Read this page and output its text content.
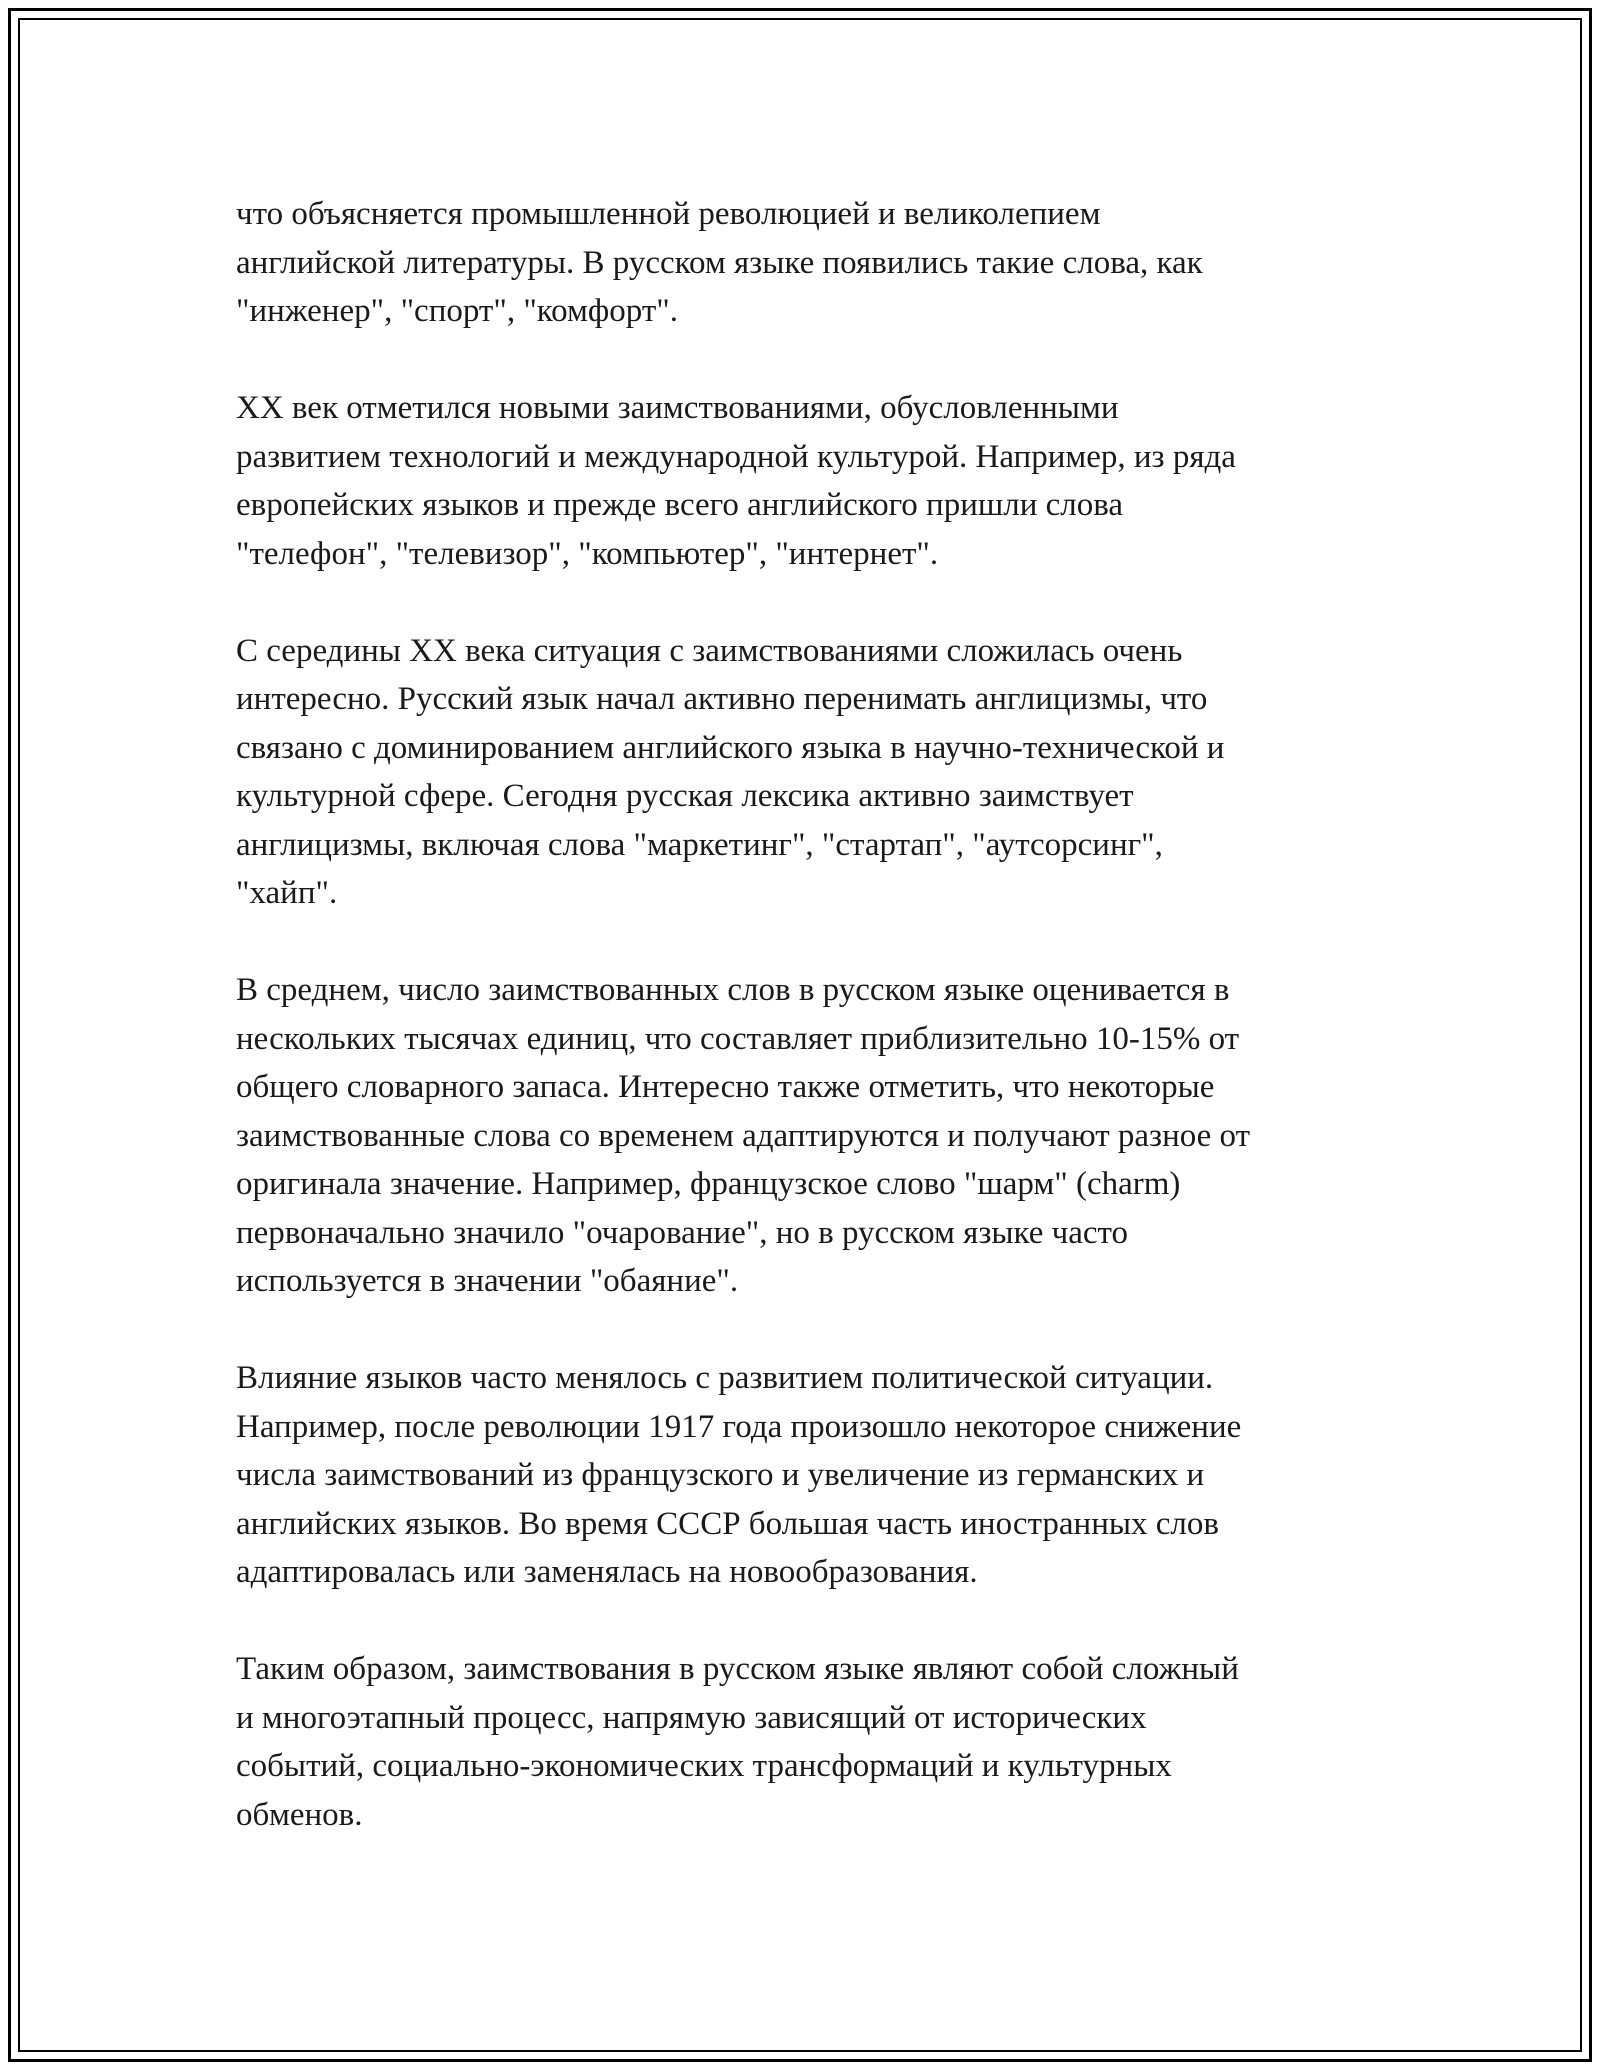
что объясняется промышленной революцией и великолепием
английской литературы. В русском языке появились такие слова, как
"инженер", "спорт", "комфорт".

XX век отметился новыми заимствованиями, обусловленными
развитием технологий и международной культурой. Например, из ряда
европейских языков и прежде всего английского пришли слова
"телефон", "телевизор", "компьютер", "интернет".

С середины XX века ситуация с заимствованиями сложилась очень
интересно. Русский язык начал активно перенимать англицизмы, что
связано с доминированием английского языка в научно-технической и
культурной сфере. Сегодня русская лексика активно заимствует
англицизмы, включая слова "маркетинг", "стартап", "аутсорсинг",
"хайп".

В среднем, число заимствованных слов в русском языке оценивается в
нескольких тысячах единиц, что составляет приблизительно 10-15% от
общего словарного запаса. Интересно также отметить, что некоторые
заимствованные слова со временем адаптируются и получают разное от
оригинала значение. Например, французское слово "шарм" (charm)
первоначально значило "очарование", но в русском языке часто
используется в значении "обаяние".

Влияние языков часто менялось с развитием политической ситуации.
Например, после революции 1917 года произошло некоторое снижение
числа заимствований из французского и увеличение из германских и
английских языков. Во время СССР большая часть иностранных слов
адаптировалась или заменялась на новообразования.

Таким образом, заимствования в русском языке являют собой сложный
и многоэтапный процесс, напрямую зависящий от исторических
событий, социально-экономических трансформаций и культурных
обменов.
